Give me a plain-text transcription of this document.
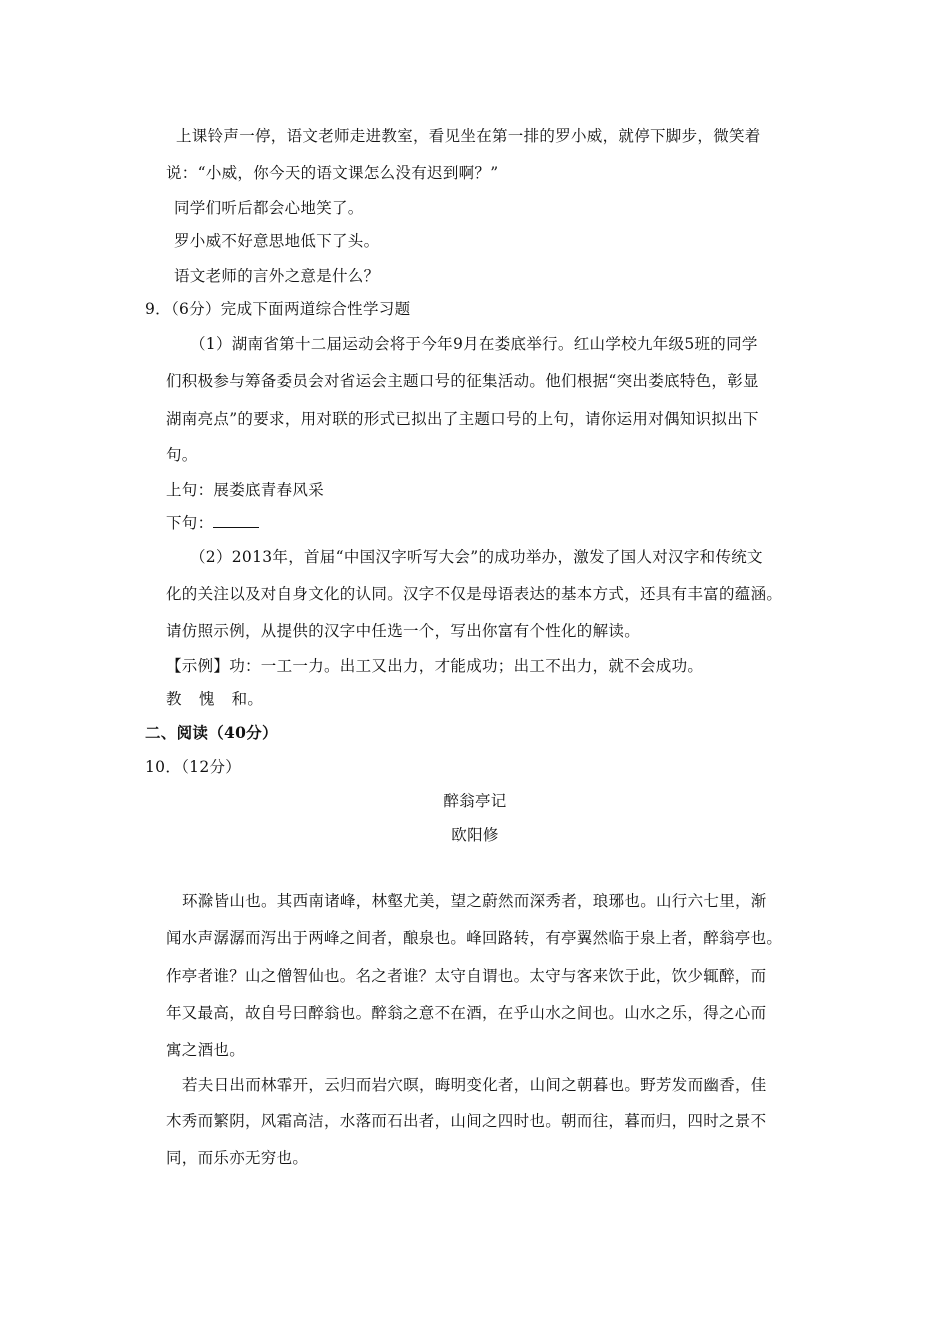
上课铃声一停，语文老师走进教室，看见坐在第一排的罗小威，就停下脚步，微笑着
说：“小威，你今天的语文课怎么没有迟到啊？”
同学们听后都会心地笑了。
罗小威不好意思地低下了头。
语文老师的言外之意是什么？
9．（6分）完成下面两道综合性学习题
（1）湖南省第十二届运动会将于今年9月在娄底举行。红山学校九年级5班的同学
们积极参与筹备委员会对省运会主题口号的征集活动。他们根据“突出娄底特色，彰显
湖南亮点”的要求，用对联的形式已拟出了主题口号的上句，请你运用对偶知识拟出下
句。
上句：展娄底青春风采
下句：
（2）2013年，首届“中国汉字听写大会”的成功举办，激发了国人对汉字和传统文
化的关注以及对自身文化的认同。汉字不仅是母语表达的基本方式，还具有丰富的蕴涵。
请仿照示例，从提供的汉字中任选一个，写出你富有个性化的解读。
【示例】功：一工一力。出工又出力，才能成功；出工不出力，就不会成功。
教 愧 和。
二、阅读（40分）
10．（12分）
醉翁亭记
欧阳修
环滁皆山也。其西南诸峰，林壑尤美，望之蔚然而深秀者，琅琊也。山行六七里，渐
闻水声潺潺而泻出于两峰之间者，酿泉也。峰回路转，有亭翼然临于泉上者，醉翁亭也。
作亭者谁？山之僧智仙也。名之者谁？太守自谓也。太守与客来饮于此，饮少辄醉，而
年又最高，故自号曰醉翁也。醉翁之意不在酒，在乎山水之间也。山水之乐，得之心而
寓之酒也。
若夫日出而林霏开，云归而岩穴暝，晦明变化者，山间之朝暮也。野芳发而幽香，佳
木秀而繁阴，风霜高洁，水落而石出者，山间之四时也。朝而往，暮而归，四时之景不
同，而乐亦无穷也。
